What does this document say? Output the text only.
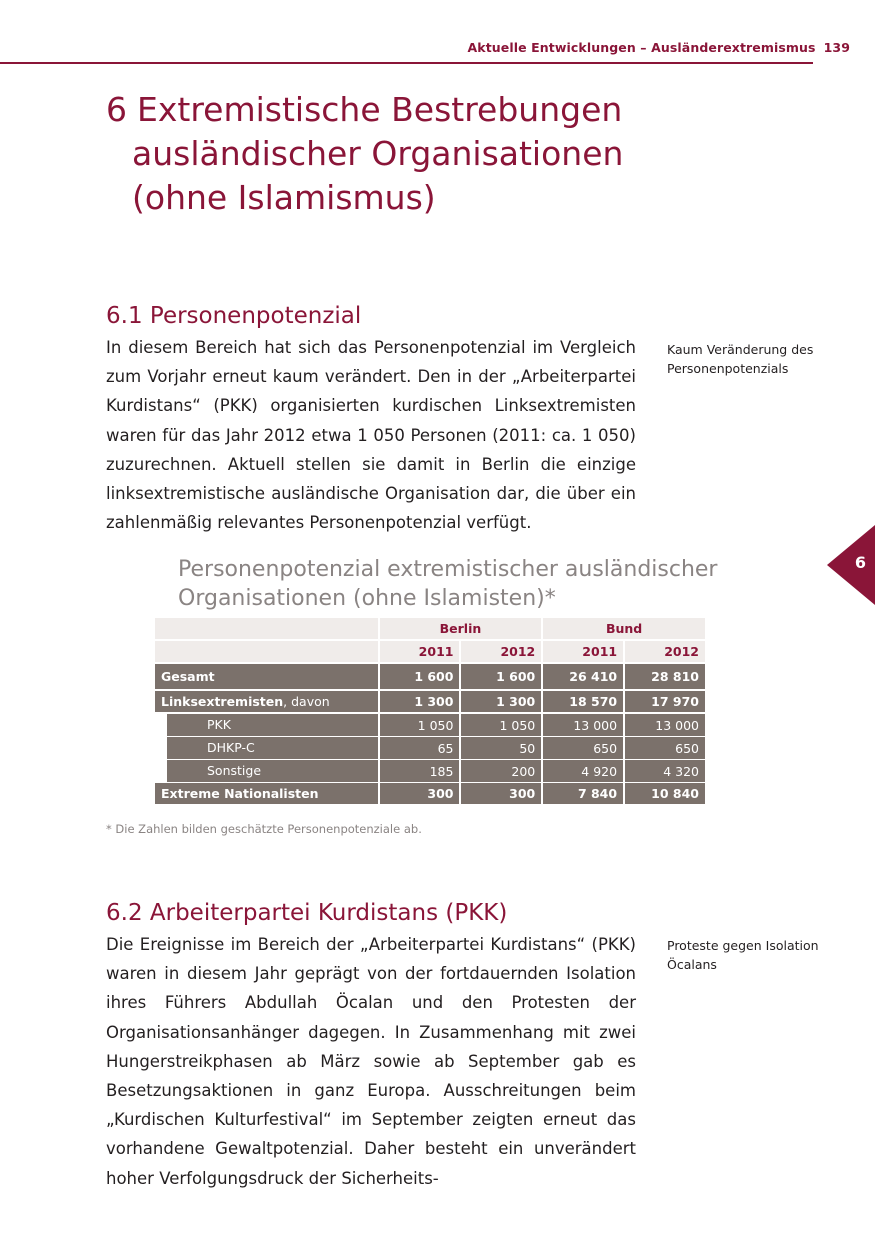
Aktuelle Entwicklungen – Ausländerextremismus 139
6 Extremistische Bestrebungen
ausländischer Organisationen
(ohne Islamismus)
6
6.1 Personenpotenzial

In diesem Bereich hat sich das Personenpotenzial im Vergleich zum Vorjahr erneut kaum verändert. Den in der „Arbeiterpartei Kurdistans“ (PKK) organisierten kurdischen Linksextremisten waren für das Jahr 2012 etwa 1 050 Personen (2011: ca. 1 050) zuzurechnen. Aktuell stellen sie damit in Berlin die einzige linksextremistische ausländische Organisation dar, die über ein zahlenmäßig relevantes Personenpotenzial verfügt.

Kaum Veränderung des Personenpotenzials

Personenpotenzial extremistischer ausländischer
Organisationen (ohne Islamisten)*
	Berlin		Bund	
	2011	2012	2011	2012
Gesamt	1 600	1 600	26 410	28 810
Linksextremisten, davon	1 300	1 300	18 570	17 970

PKK	1 050	1 050	13 000	13 000

DHKP-C	65	50	650	650

Sonstige	185	200	4 920	4 320
Extreme Nationalisten	300	300	7 840	10 840

* Die Zahlen bilden geschätzte Personenpotenziale ab.

6.2 Arbeiterpartei Kurdistans (PKK)

Die Ereignisse im Bereich der „Arbeiterpartei Kurdistans“ (PKK) waren in diesem Jahr geprägt von der fortdauernden Isolation ihres Führers Abdullah Öcalan und den Protesten der Organisationsanhänger dagegen. In Zusammenhang mit zwei Hungerstreikphasen ab März sowie ab September gab es Besetzungsaktionen in ganz Europa. Ausschreitungen beim „Kurdischen Kulturfestival“ im September zeigten erneut das vorhandene Gewaltpotenzial. Daher besteht ein unverändert hoher Verfolgungsdruck der Sicherheits-

Proteste gegen Isolation Öcalans
